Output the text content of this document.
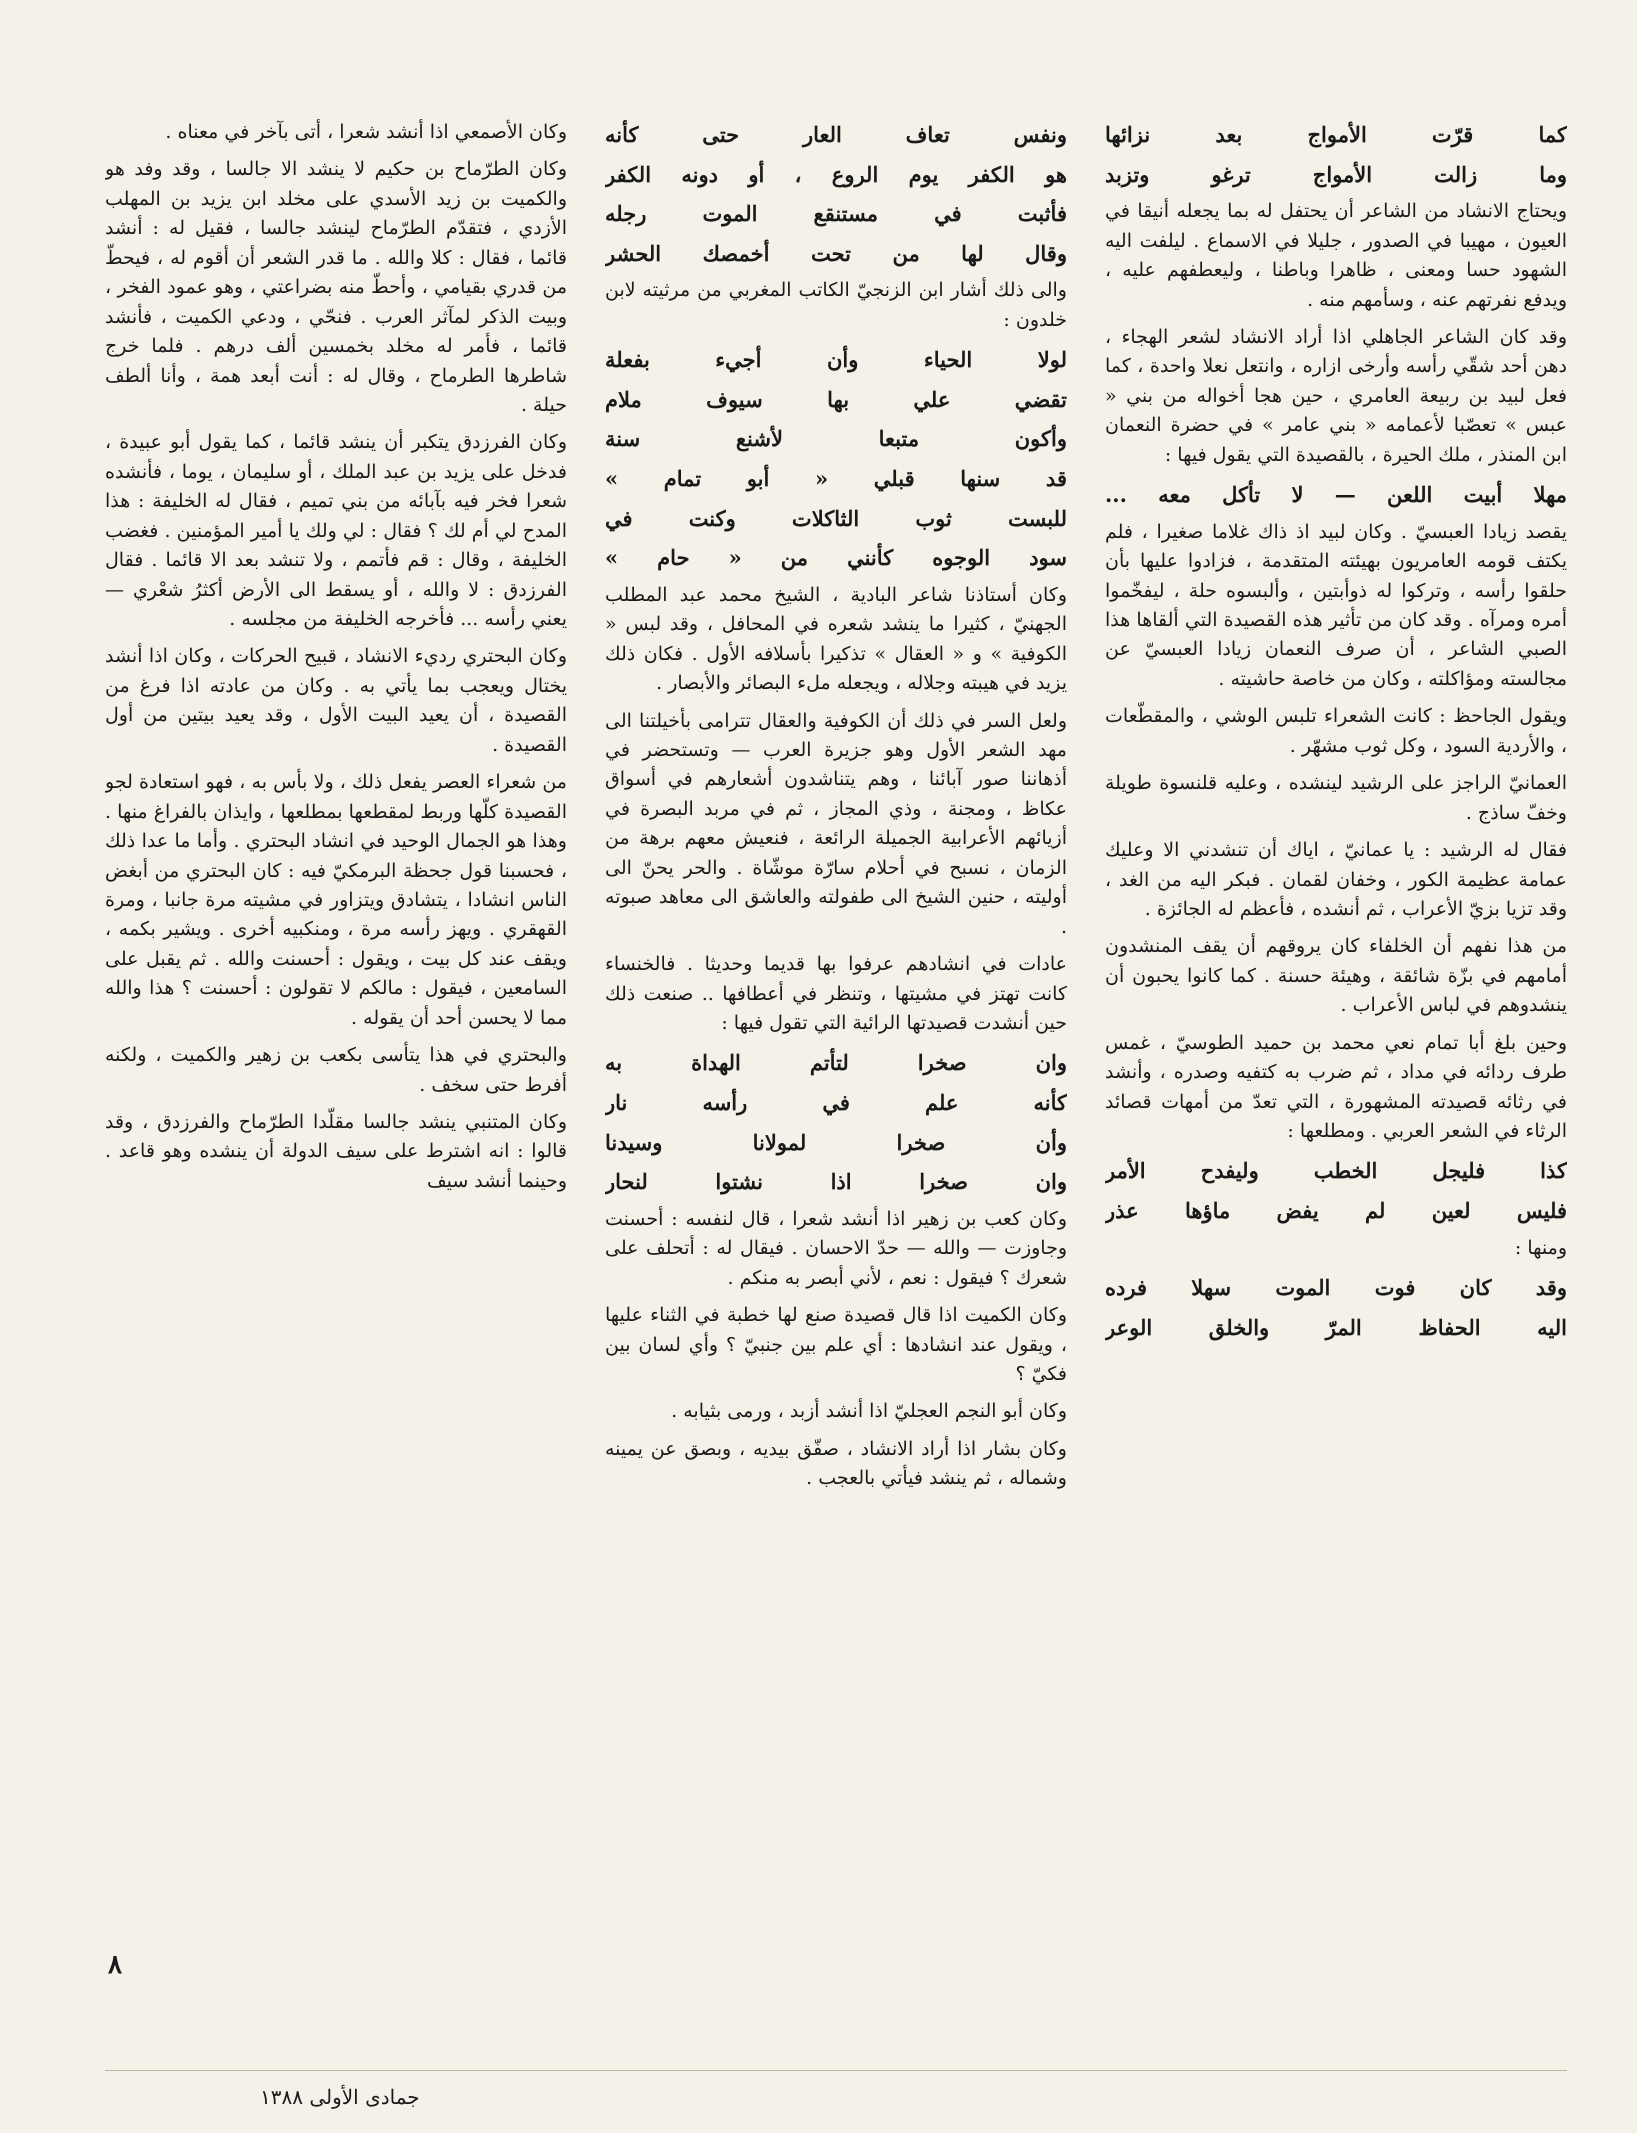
كما قرّت الأمواج بعد نزائها

وما زالت الأمواج ترغو وتزبد

ويحتاج الانشاد من الشاعر أن يحتفل له بما يجعله أنيقا في العيون ، مهيبا في الصدور ، جليلا في الاسماع . ليلفت اليه الشهود حسا ومعنى ، ظاهرا وباطنا ، وليعطفهم عليه ، ويدفع نفرتهم عنه ، وسأمهم منه .

وقد كان الشاعر الجاهلي اذا أراد الانشاد لشعر الهجاء ، دهن أحد شقّي رأسه وأرخى ازاره ، وانتعل نعلا واحدة ، كما فعل لبيد بن ربيعة العامري ، حين هجا أخواله من بني « عبس » تعصّبا لأعمامه « بني عامر » في حضرة النعمان ابن المنذر ، ملك الحيرة ، بالقصيدة التي يقول فيها :

مهلا أبيت اللعن — لا تأكل معه ...

يقصد زيادا العبسيّ . وكان لبيد اذ ذاك غلاما صغيرا ، فلم يكتف قومه العامريون بهيئته المتقدمة ، فزادوا عليها بأن حلقوا رأسه ، وتركوا له ذوأبتين ، وألبسوه حلة ، ليفخّموا أمره ومرآه . وقد كان من تأثير هذه القصيدة التي ألقاها هذا الصبي الشاعر ، أن صرف النعمان زيادا العبسيّ عن مجالسته ومؤاكلته ، وكان من خاصة حاشيته .

ويقول الجاحظ : كانت الشعراء تلبس الوشي ، والمقطّعات ، والأردية السود ، وكل ثوب مشهّر .

العمانيّ الراجز على الرشيد لينشده ، وعليه قلنسوة طويلة وخفّ ساذج .

فقال له الرشيد : يا عمانيّ ، اياك أن تنشدني الا وعليك عمامة عظيمة الكور ، وخفان لقمان . فبكر اليه من الغد ، وقد تزيا بزيّ الأعراب ، ثم أنشده ، فأعظم له الجائزة .

من هذا نفهم أن الخلفاء كان يروقهم أن يقف المنشدون أمامهم في بزّة شائقة ، وهيئة حسنة . كما كانوا يحبون أن ينشدوهم في لباس الأعراب .

وحين بلغ أبا تمام نعي محمد بن حميد الطوسيّ ، غمس طرف ردائه في مداد ، ثم ضرب به كتفيه وصدره ، وأنشد في رثائه قصيدته المشهورة ، التي تعدّ من أمهات قصائد الرثاء في الشعر العربي . ومطلعها :

كذا فليجل الخطب وليفدح الأمر

فليس لعين لم يفض ماؤها عذر

ومنها :

وقد كان فوت الموت سهلا فرده

اليه الحفاظ المرّ والخلق الوعر

ونفس تعاف العار حتى كأنه

هو الكفر يوم الروع ، أو دونه الكفر

فأثبت في مستنقع الموت رجله

وقال لها من تحت أخمصك الحشر

والى ذلك أشار ابن الزنجيّ الكاتب المغربي من مرثيته لابن خلدون :

لولا الحياء وأن أجيء بفعلة

تقضي علي بها سيوف ملام

وأكون متبعا لأشنع سنة

قد سنها قبلي « أبو تمام »

للبست ثوب الثاكلات وكنت في

سود الوجوه كأنني من « حام »

وكان أستاذنا شاعر البادية ، الشيخ محمد عبد المطلب الجهنيّ ، كثيرا ما ينشد شعره في المحافل ، وقد لبس « الكوفية » و « العقال » تذكيرا بأسلافه الأول . فكان ذلك يزيد في هيبته وجلاله ، ويجعله ملء البصائر والأبصار .

ولعل السر في ذلك أن الكوفية والعقال تترامى بأخيلتنا الى مهد الشعر الأول وهو جزيرة العرب — وتستحضر في أذهاننا صور آبائنا ، وهم يتناشدون أشعارهم في أسواق عكاظ ، ومجنة ، وذي المجاز ، ثم في مربد البصرة في أزيائهم الأعرابية الجميلة الرائعة ، فنعيش معهم برهة من الزمان ، نسبح في أحلام سارّة موشّاة . والحر يحنّ الى أوليته ، حنين الشيخ الى طفولته والعاشق الى معاهد صبوته .

عادات في انشادهم عرفوا بها قديما وحديثا . فالخنساء كانت تهتز في مشيتها ، وتنظر في أعطافها .. صنعت ذلك حين أنشدت قصيدتها الرائية التي تقول فيها :

وان صخرا لتأتم الهداة به

كأنه علم في رأسه نار

وأن صخرا لمولانا وسيدنا

وان صخرا اذا نشتوا لنحار

وكان كعب بن زهير اذا أنشد شعرا ، قال لنفسه : أحسنت وجاوزت — والله — حدّ الاحسان . فيقال له : أتحلف على شعرك ؟ فيقول : نعم ، لأني أبصر به منكم .

وكان الكميت اذا قال قصيدة صنع لها خطبة في الثناء عليها ، ويقول عند انشادها : أي علم بين جنبيّ ؟ وأي لسان بين فكيّ ؟

وكان أبو النجم العجليّ اذا أنشد أزبد ، ورمى بثيابه .

وكان بشار اذا أراد الانشاد ، صفّق بيديه ، وبصق عن يمينه وشماله ، ثم ينشد فيأتي بالعجب .

وكان الأصمعي اذا أنشد شعرا ، أتى بآخر في معناه .

وكان الطرّماح بن حكيم لا ينشد الا جالسا ، وقد وفد هو والكميت بن زيد الأسدي على مخلد ابن يزيد بن المهلب الأزدي ، فتقدّم الطرّماح لينشد جالسا ، فقيل له : أنشد قائما ، فقال : كلا والله . ما قدر الشعر أن أقوم له ، فيحطّ من قدري بقيامي ، وأحطّ منه بضراعتي ، وهو عمود الفخر ، وبيت الذكر لمآثر العرب . فنحّي ، ودعي الكميت ، فأنشد قائما ، فأمر له مخلد بخمسين ألف درهم . فلما خرج شاطرها الطرماح ، وقال له : أنت أبعد همة ، وأنا ألطف حيلة .

وكان الفرزدق يتكبر أن ينشد قائما ، كما يقول أبو عبيدة ، فدخل على يزيد بن عبد الملك ، أو سليمان ، يوما ، فأنشده شعرا فخر فيه بآبائه من بني تميم ، فقال له الخليفة : هذا المدح لي أم لك ؟ فقال : لي ولك يا أمير المؤمنين . فغضب الخليفة ، وقال : قم فأتمم ، ولا تنشد بعد الا قائما . فقال الفرزدق : لا والله ، أو يسقط الى الأرض أكثرُ شعْري — يعني رأسه ... فأخرجه الخليفة من مجلسه .

وكان البحتري رديء الانشاد ، قبيح الحركات ، وكان اذا أنشد يختال ويعجب بما يأتي به . وكان من عادته اذا فرغ من القصيدة ، أن يعيد البيت الأول ، وقد يعيد بيتين من أول القصيدة .

من شعراء العصر يفعل ذلك ، ولا بأس به ، فهو استعادة لجو القصيدة كلّها وربط لمقطعها بمطلعها ، وايذان بالفراغ منها . وهذا هو الجمال الوحيد في انشاد البحتري . وأما ما عدا ذلك ، فحسبنا قول جحظة البرمكيّ فيه : كان البحتري من أبغض الناس انشادا ، يتشادق ويتزاور في مشيته مرة جانبا ، ومرة القهقري . ويهز رأسه مرة ، ومنكبيه أخرى . ويشير بكمه ، ويقف عند كل بيت ، ويقول : أحسنت والله . ثم يقبل على السامعين ، فيقول : مالكم لا تقولون : أحسنت ؟ هذا والله مما لا يحسن أحد أن يقوله .

والبحتري في هذا يتأسى بكعب بن زهير والكميت ، ولكنه أفرط حتى سخف .

وكان المتنبي ينشد جالسا مقلّدا الطرّماح والفرزدق ، وقد قالوا : انه اشترط على سيف الدولة أن ينشده وهو قاعد . وحينما أنشد سيف

٨
جمادى الأولى ١٣٨٨
